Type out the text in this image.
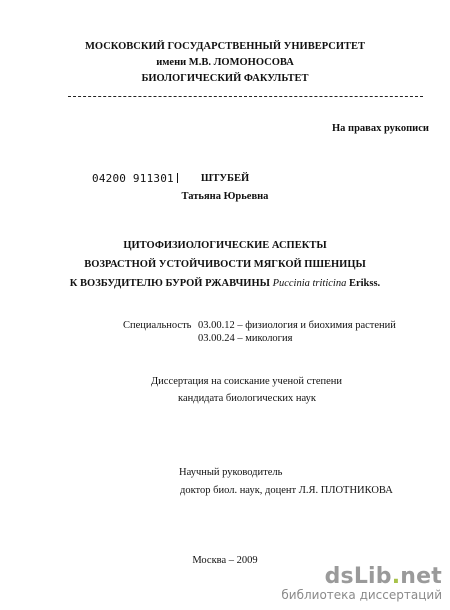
МОСКОВСКИЙ ГОСУДАРСТВЕННЫЙ УНИВЕРСИТЕТ
имени М.В. ЛОМОНОСОВА
БИОЛОГИЧЕСКИЙ ФАКУЛЬТЕТ
На правах рукописи
04200 911301	ШТУБЕЙ
Татьяна Юрьевна
ЦИТОФИЗИОЛОГИЧЕСКИЕ АСПЕКТЫ
ВОЗРАСТНОЙ УСТОЙЧИВОСТИ МЯГКОЙ ПШЕНИЦЫ
К ВОЗБУДИТЕЛЮ БУРОЙ РЖАВЧИНЫ Puccinia triticina Erikss.
Специальность 03.00.12 – физиология и биохимия растений
03.00.24 – микология
Диссертация на соискание ученой степени
кандидата биологических наук
Научный руководитель
доктор биол. наук, доцент Л.Я. ПЛОТНИКОВА
Москва – 2009
dsLib.net
библиотека диссертаций
